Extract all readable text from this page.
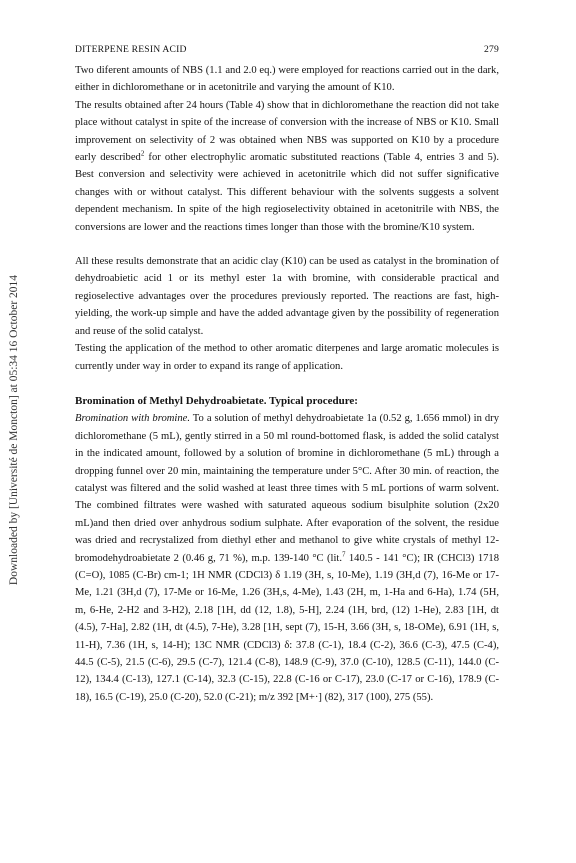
DITERPENE RESIN ACID	279
Downloaded by [Université de Moncton] at 05:34 16 October 2014

Two diferent amounts of NBS (1.1 and 2.0 eq.) were employed for reactions carried out in the dark, either in dichloromethane or in acetonitrile and varying the amount of K10.

The results obtained after 24 hours (Table 4) show that in dichloromethane the reaction did not take place without catalyst in spite of the increase of conversion with the increase of NBS or K10. Small improvement on selectivity of 2 was obtained when NBS was supported on K10 by a procedure early described$^2$ for other electrophylic aromatic substituted reactions (Table 4, entries 3 and 5). Best conversion and selectivity were achieved in acetonitrile which did not suffer significative changes with or without catalyst. This different behaviour with the solvents suggests a solvent dependent mechanism. In spite of the high regioselectivity obtained in acetonitrile with NBS, the conversions are lower and the reactions times longer than those with the bromine/K10 system.

All these results demonstrate that an acidic clay (K10) can be used as catalyst in the bromination of dehydroabietic acid 1 or its methyl ester 1a with bromine, with considerable practical and regioselective advantages over the procedures previously reported. The reactions are fast, high-yielding, the work-up simple and have the added advantage given by the possibility of regeneration and reuse of the solid catalyst.

Testing the application of the method to other aromatic diterpenes and large aromatic molecules is currently under way in order to expand its range of application.

Bromination of Methyl Dehydroabietate. Typical procedure:

Bromination with bromine. To a solution of methyl dehydroabietate 1a (0.52 g, 1.656 mmol) in dry dichloromethane (5 mL), gently stirred in a 50 ml round-bottomed flask, is added the solid catalyst in the indicated amount, followed by a solution of bromine in dichloromethane (5 mL) through a dropping funnel over 20 min, maintaining the temperature under 5°C. After 30 min. of reaction, the catalyst was filtered and the solid washed at least three times with 5 mL portions of warm solvent. The combined filtrates were washed with saturated aqueous sodium bisulphite solution (2x20 mL)and then dried over anhydrous sodium sulphate. After evaporation of the solvent, the residue was dried and recrystalized from diethyl ether and methanol to give white crystals of methyl 12-bromodehydroabietate 2 (0.46 g, 71 %), m.p. 139-140 °C (lit.$^7$ 140.5 - 141 °C); IR (CHCl3) 1718 (C=O), 1085 (C-Br) cm-1; 1H NMR (CDCl3) δ 1.19 (3H, s, 10-Me), 1.19 (3H,d (7), 16-Me or 17-Me, 1.21 (3H,d (7), 17-Me or 16-Me, 1.26 (3H,s, 4-Me), 1.43 (2H, m, 1-Ha and 6-Ha), 1.74 (5H, m, 6-He, 2-H2 and 3-H2), 2.18 [1H, dd (12, 1.8), 5-H], 2.24 (1H, brd, (12) 1-He), 2.83 [1H, dt (4.5), 7-Ha], 2.82 (1H, dt (4.5), 7-He), 3.28 [1H, sept (7), 15-H, 3.66 (3H, s, 18-OMe), 6.91 (1H, s, 11-H), 7.36 (1H, s, 14-H); 13C NMR (CDCl3) δ: 37.8 (C-1), 18.4 (C-2), 36.6 (C-3), 47.5 (C-4), 44.5 (C-5), 21.5 (C-6), 29.5 (C-7), 121.4 (C-8), 148.9 (C-9), 37.0 (C-10), 128.5 (C-11), 144.0 (C-12), 134.4 (C-13), 127.1 (C-14), 32.3 (C-15), 22.8 (C-16 or C-17), 23.0 (C-17 or C-16), 178.9 (C-18), 16.5 (C-19), 25.0 (C-20), 52.0 (C-21); m/z 392 [M+·] (82), 317 (100), 275 (55).
